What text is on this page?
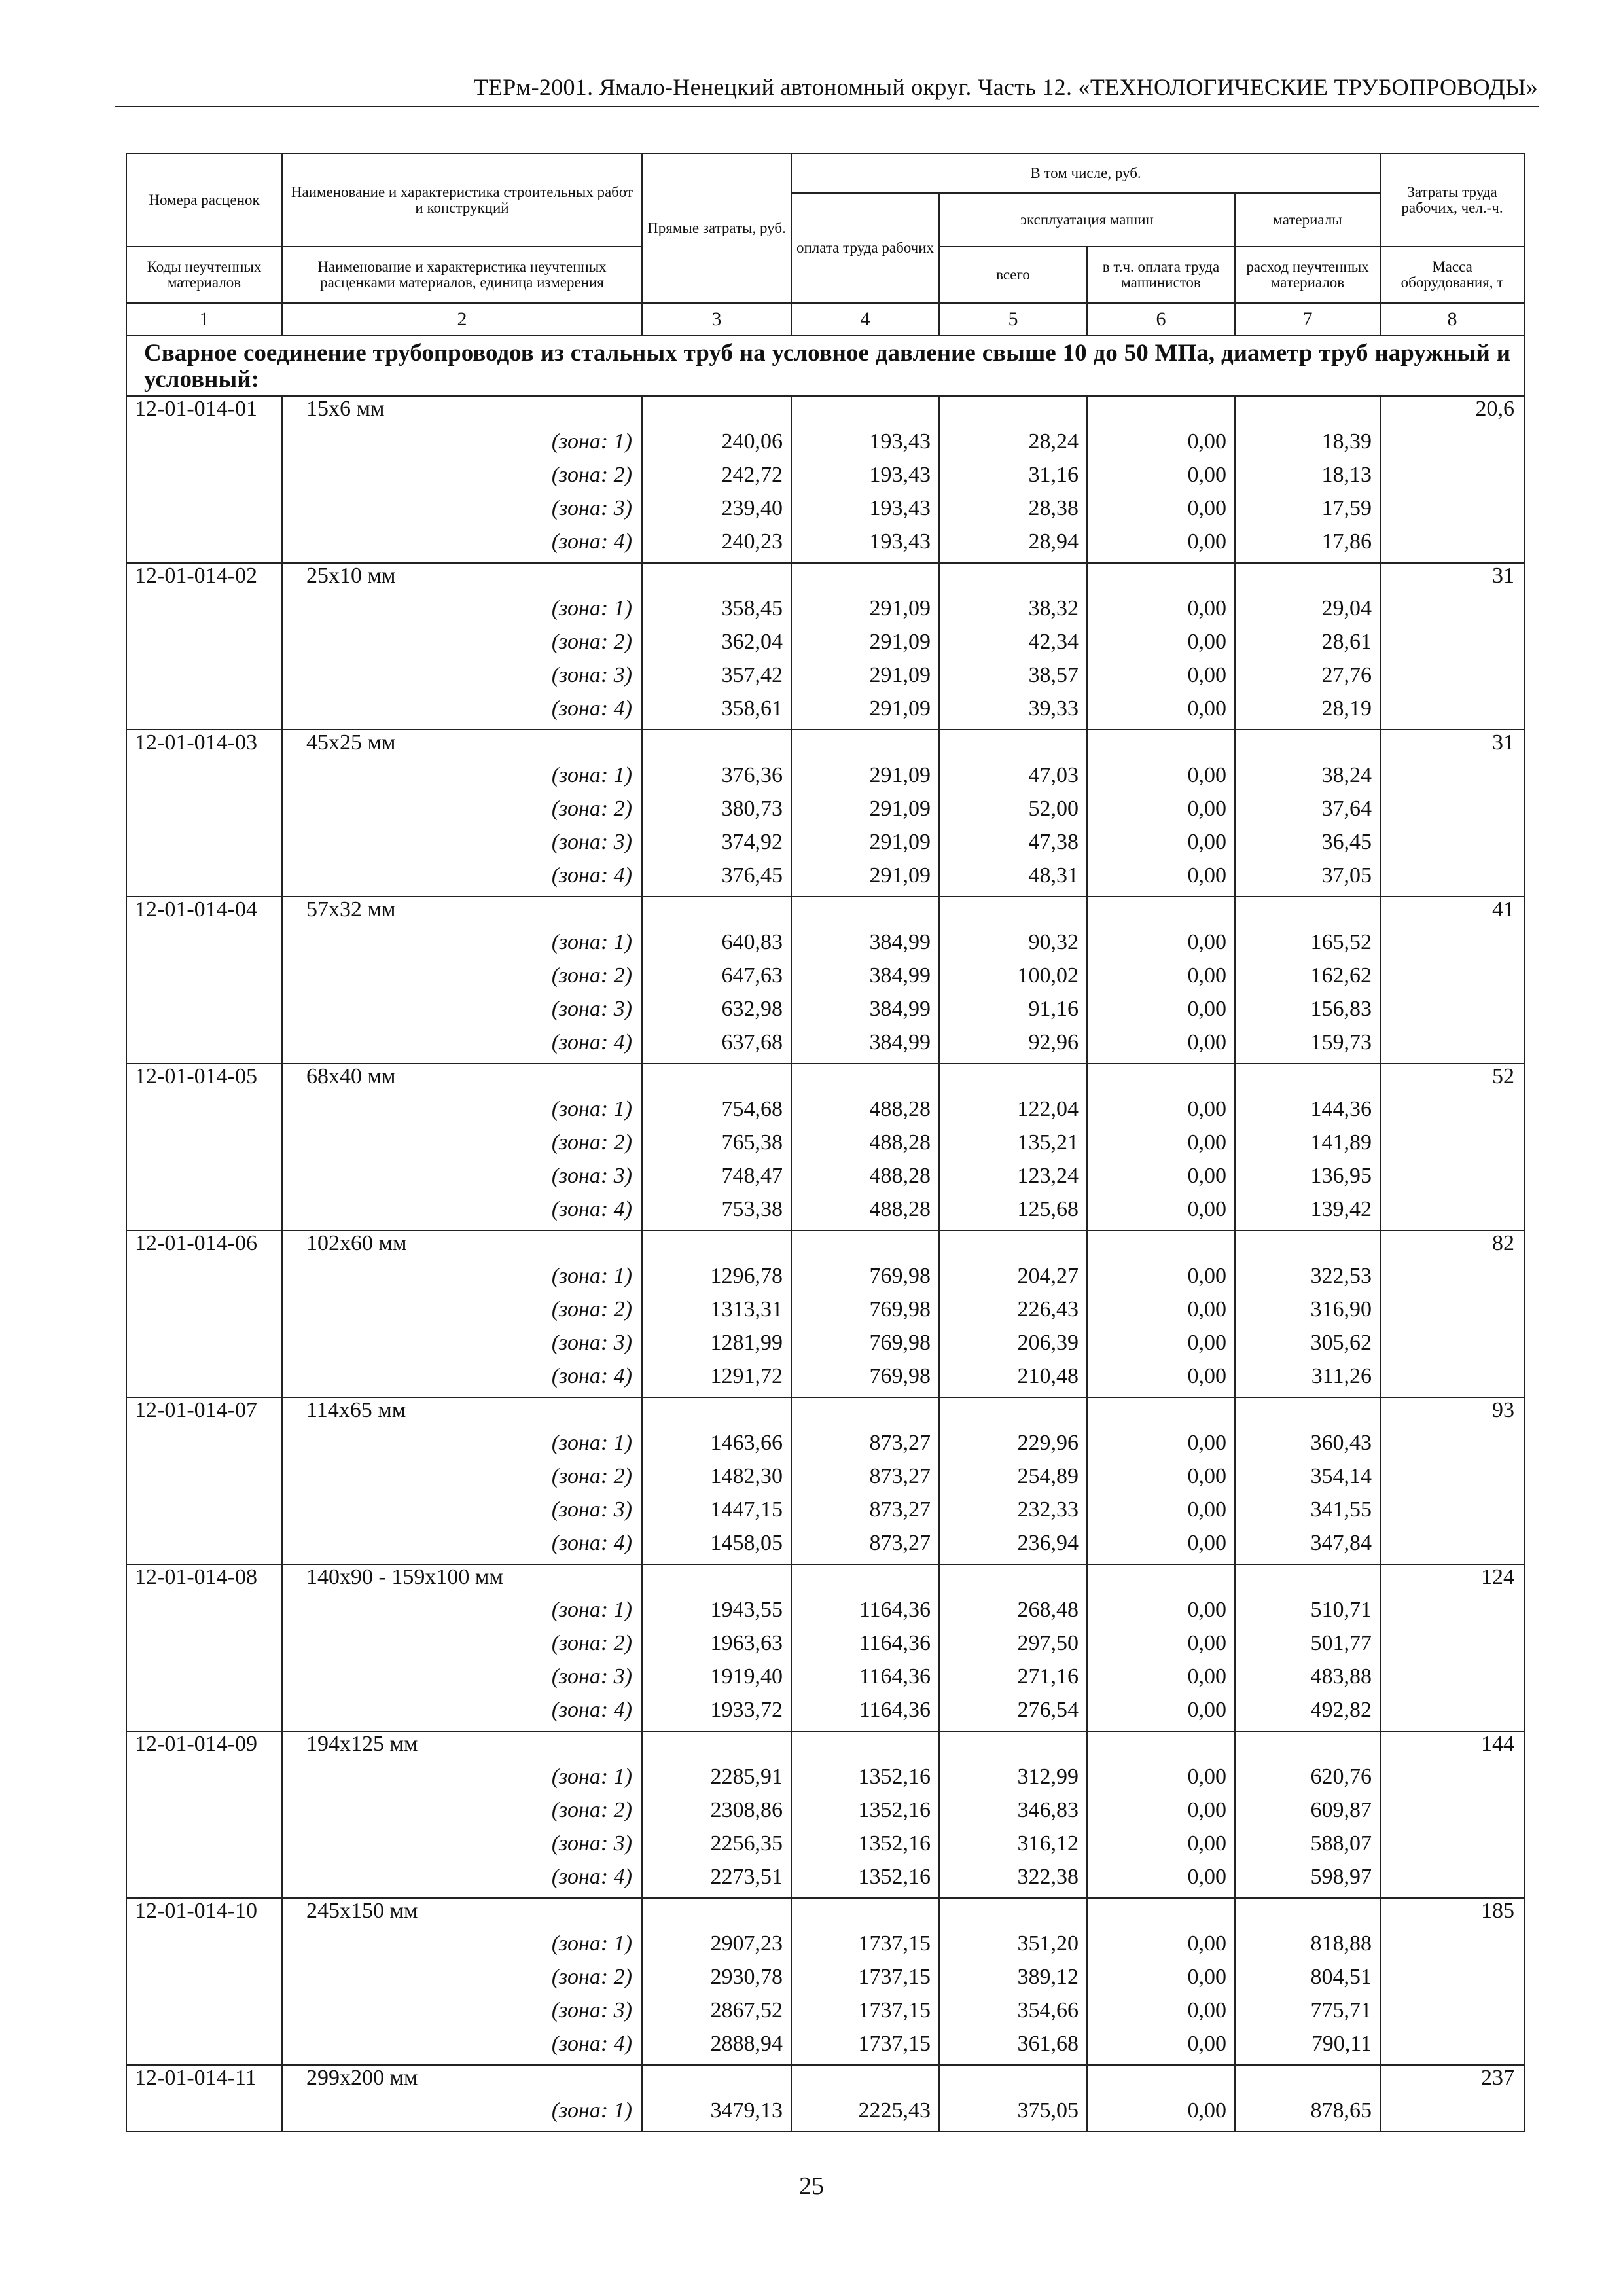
ТЕРм-2001. Ямало-Ненецкий автономный округ. Часть 12. «ТЕХНОЛОГИЧЕСКИЕ ТРУБОПРОВОДЫ»
Номера расценок	Наименование и характеристика строительных работ и конструкций	Прямые затраты, руб.	В том числе, руб.				Затраты труда рабочих, чел.-ч.
			оплата труда рабочих	эксплуатация машин		материалы	
Коды неучтенных материалов	Наименование и характеристика неучтенных расценками материалов, единица измерения			всего	в т.ч. оплата труда машинистов	расход неучтенных материалов	Масса оборудования, т
1	2	3	4	5	6	7	8
Сварное соединение трубопроводов из стальных труб на условное давление свыше 10 до 50 МПа, диаметр труб наружный и условный:							
12-01-014-01	15x6 мм						20,6
	(зона: 1)	240,06	193,43	28,24	0,00	18,39	
	(зона: 2)	242,72	193,43	31,16	0,00	18,13	
	(зона: 3)	239,40	193,43	28,38	0,00	17,59	
	(зона: 4)	240,23	193,43	28,94	0,00	17,86	
12-01-014-02	25x10 мм						31
	(зона: 1)	358,45	291,09	38,32	0,00	29,04	
	(зона: 2)	362,04	291,09	42,34	0,00	28,61	
	(зона: 3)	357,42	291,09	38,57	0,00	27,76	
	(зона: 4)	358,61	291,09	39,33	0,00	28,19	
12-01-014-03	45x25 мм						31
	(зона: 1)	376,36	291,09	47,03	0,00	38,24	
	(зона: 2)	380,73	291,09	52,00	0,00	37,64	
	(зона: 3)	374,92	291,09	47,38	0,00	36,45	
	(зона: 4)	376,45	291,09	48,31	0,00	37,05	
12-01-014-04	57x32 мм						41
	(зона: 1)	640,83	384,99	90,32	0,00	165,52	
	(зона: 2)	647,63	384,99	100,02	0,00	162,62	
	(зона: 3)	632,98	384,99	91,16	0,00	156,83	
	(зона: 4)	637,68	384,99	92,96	0,00	159,73	
12-01-014-05	68x40 мм						52
	(зона: 1)	754,68	488,28	122,04	0,00	144,36	
	(зона: 2)	765,38	488,28	135,21	0,00	141,89	
	(зона: 3)	748,47	488,28	123,24	0,00	136,95	
	(зона: 4)	753,38	488,28	125,68	0,00	139,42	
12-01-014-06	102x60 мм						82
	(зона: 1)	1296,78	769,98	204,27	0,00	322,53	
	(зона: 2)	1313,31	769,98	226,43	0,00	316,90	
	(зона: 3)	1281,99	769,98	206,39	0,00	305,62	
	(зона: 4)	1291,72	769,98	210,48	0,00	311,26	
12-01-014-07	114x65 мм						93
	(зона: 1)	1463,66	873,27	229,96	0,00	360,43	
	(зона: 2)	1482,30	873,27	254,89	0,00	354,14	
	(зона: 3)	1447,15	873,27	232,33	0,00	341,55	
	(зона: 4)	1458,05	873,27	236,94	0,00	347,84	
12-01-014-08	140x90 - 159x100 мм						124
	(зона: 1)	1943,55	1164,36	268,48	0,00	510,71	
	(зона: 2)	1963,63	1164,36	297,50	0,00	501,77	
	(зона: 3)	1919,40	1164,36	271,16	0,00	483,88	
	(зона: 4)	1933,72	1164,36	276,54	0,00	492,82	
12-01-014-09	194x125 мм						144
	(зона: 1)	2285,91	1352,16	312,99	0,00	620,76	
	(зона: 2)	2308,86	1352,16	346,83	0,00	609,87	
	(зона: 3)	2256,35	1352,16	316,12	0,00	588,07	
	(зона: 4)	2273,51	1352,16	322,38	0,00	598,97	
12-01-014-10	245x150 мм						185
	(зона: 1)	2907,23	1737,15	351,20	0,00	818,88	
	(зона: 2)	2930,78	1737,15	389,12	0,00	804,51	
	(зона: 3)	2867,52	1737,15	354,66	0,00	775,71	
	(зона: 4)	2888,94	1737,15	361,68	0,00	790,11	
12-01-014-11	299x200 мм						237
	(зона: 1)	3479,13	2225,43	375,05	0,00	878,65	
25
